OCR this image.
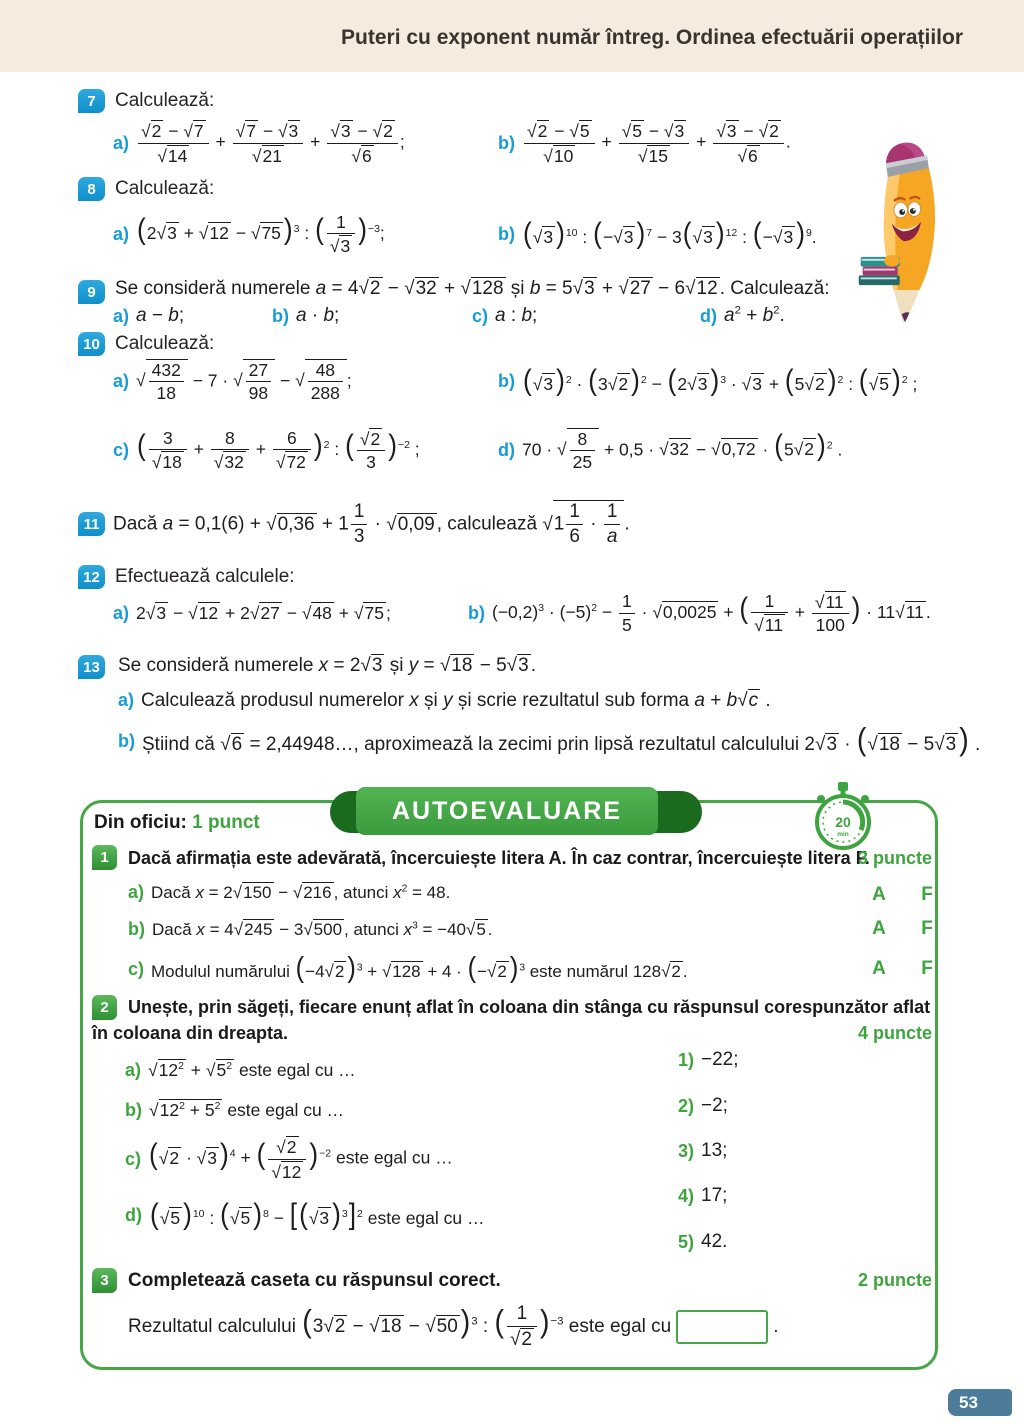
Puteri cu exponent număr întreg. Ordinea efectuării operațiilor
7	Calculează:
$a) \frac{√2 - √7}{√14} + \frac{√7 - √3}{√21} + \frac{√3 - √2}{√6}$ ;	$b) \frac{√2 - √5}{√10} + \frac{√5 - √3}{√15} + \frac{√3 - √2}{√6}$ .
8	Calculează:
a) (2√3 + √12 − √75 )$^3$ : ( $\frac{1}{√3} )^{-3}$;	b) (√3 )$^{10}$ : (−√3 )$^7$ − 3(√3 )$^{12}$ : (−√3 )$^9$.
9	Se consideră numerele a = 4√2 − √32 + √128 și b = 5√3 + √27 − 6√12 . Calculează:
a) a − b;	b) a · b;	c) a : b;	d) $a^2 + b^2$.
10 Calculează:
a) √ $\frac{432}{18} - 7$ · √ $\frac{27}{98}$ − √ $\frac{48}{288}$ ;	b) (√3 )$^2$ · (3√2 )$^2$ − (2√3 )$^3$ · √3 + (5√2 )$^2$ : (√5 )$^2$ ;
c) ( $\frac{3}{√18} + \frac{8}{√32} + \frac{6}{√72} )^2$ : ( $\frac{√2}{3} )^{-2}$ ;	d) 70 · √ $\frac{8}{25} + 0,5 \cdot √32 - √0,72 \cdot (5√2$ )$^2$ .
11 Dacă $a = 0,1(6) + √0,36 + 1 \frac{1}{3} \cdot √0,09$ , calculează $√1 \frac{1}{6} \cdot \frac{1}{a}$ .
12 Efectuează calculele:
a) 2√3 − √12 + 2√27 − √48 + √75 ;	b) $(-0,2)^3 \cdot (-5)^2 - \frac{1}{5} \cdot √0,0025$ + ( $\frac{1}{√11} + \frac{√11}{100}$ ) · 11√11 .
13 Se consideră numerele x = 2√3 și y = √18 − 5√3 .
a) Calculează produsul numerelor x și y și scrie rezultatul sub forma a + b√c .
b) Știind că √6 = 2,44948…, aproximează la zecimi prin lipsă rezultatul calculului 2√3 · (√18 − 5√3 ) .
AUTOEVALUARE
Din oficiu: 1 punct	20
min
1	Dacă afirmația este adevărată, încercuiește litera A. În caz contrar, încercuiește litera F.
3 puncte
a) Dacă x = 2√150 − √216 , atunci $x^2 = 48$.	A F
b) Dacă x = 4√245 − 3√500 , atunci $x^3 = -40√5$ .	A F
c) Modulul numărului (−4√2 )$^3$ + √128 + 4 · (−√2 )$^3$ este numărul 128√2 .	A F
2	Unește, prin săgeți, fiecare enunț aflat în coloana din stânga cu răspunsul corespunzător aflat
în coloana din dreapta.	4 puncte
a) $√12^2 + √5^2$ este egal cu …
b) $√12^2 + 5^2$ este egal cu …
c) (√2 · √3 )$^4$ + ( $\frac{√2}{√12} )^{-2}$ este egal cu …
d) (√5 )$^{10}$ : (√5 )$^8$ − [(√3 )$^3$]$^2$ este egal cu …
1) −22;
2) −2;
3) 13;
4) 17;
5) 42.
3	Completează caseta cu răspunsul corect.	2 puncte
Rezultatul calculului (3√2 − √18 − √50 )$^3$ : ( $\frac{1}{√2} )^{-3}$ este egal cu	.
53
